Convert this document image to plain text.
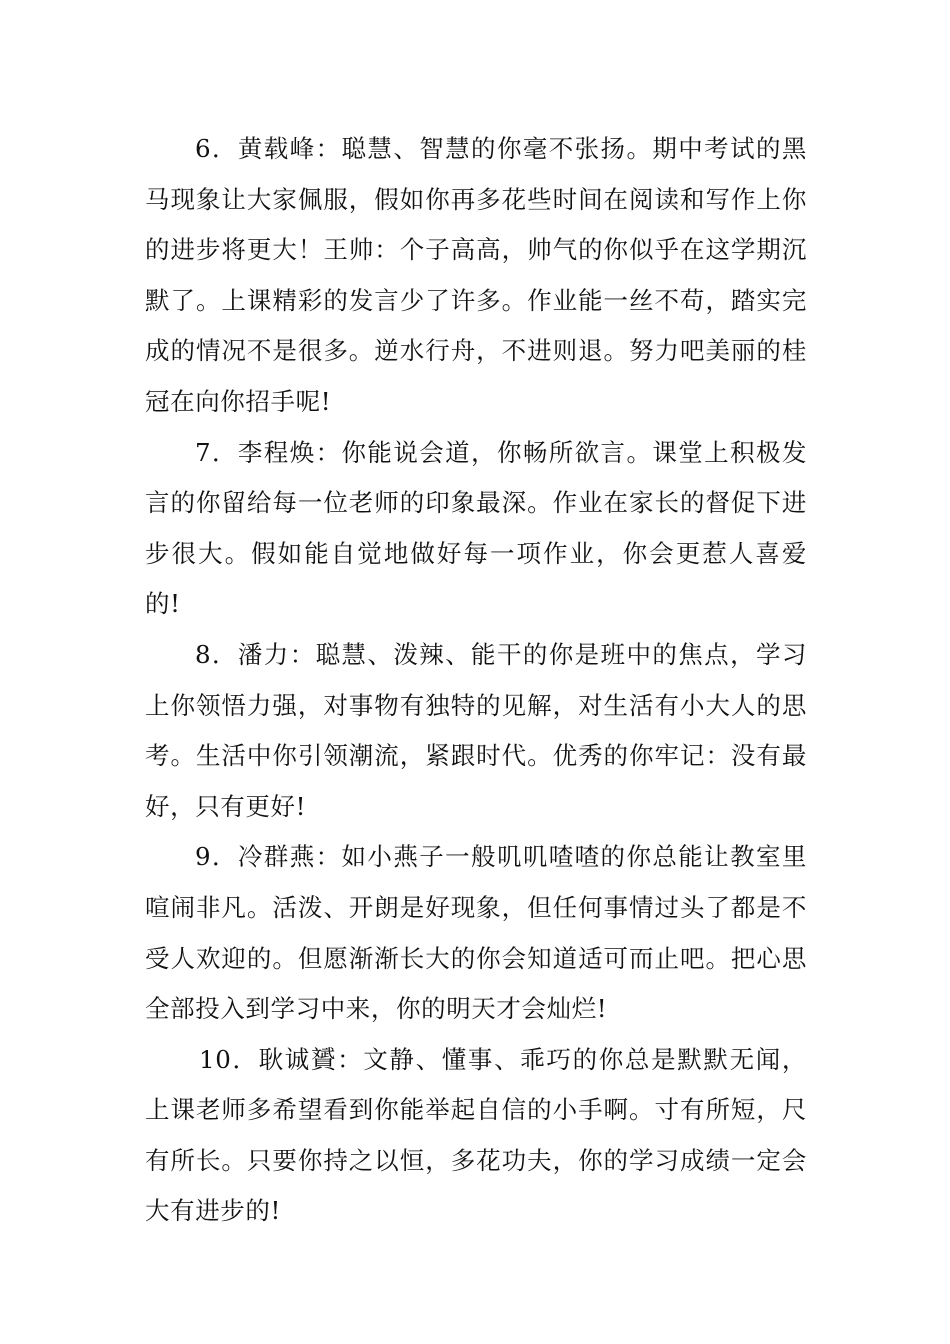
6．黄载峰：聪慧、智慧的你毫不张扬。期中考试的黑马现象让大家佩服，假如你再多花些时间在阅读和写作上你的进步将更大！王帅：个子高高，帅气的你似乎在这学期沉默了。上课精彩的发言少了许多。作业能一丝不苟，踏实完成的情况不是很多。逆水行舟，不进则退。努力吧美丽的桂冠在向你招手呢!

7．李程焕：你能说会道，你畅所欲言。课堂上积极发言的你留给每一位老师的印象最深。作业在家长的督促下进步很大。假如能自觉地做好每一项作业，你会更惹人喜爱的!

8．潘力：聪慧、泼辣、能干的你是班中的焦点，学习上你领悟力强，对事物有独特的见解，对生活有小大人的思考。生活中你引领潮流，紧跟时代。优秀的你牢记：没有最好，只有更好!

9．冷群燕：如小燕子一般叽叽喳喳的你总能让教室里喧闹非凡。活泼、开朗是好现象，但任何事情过头了都是不受人欢迎的。但愿渐渐长大的你会知道适可而止吧。把心思全部投入到学习中来，你的明天才会灿烂!

10．耿诚贇：文静、懂事、乖巧的你总是默默无闻，上课老师多希望看到你能举起自信的小手啊。寸有所短，尺有所长。只要你持之以恒，多花功夫，你的学习成绩一定会大有进步的!
